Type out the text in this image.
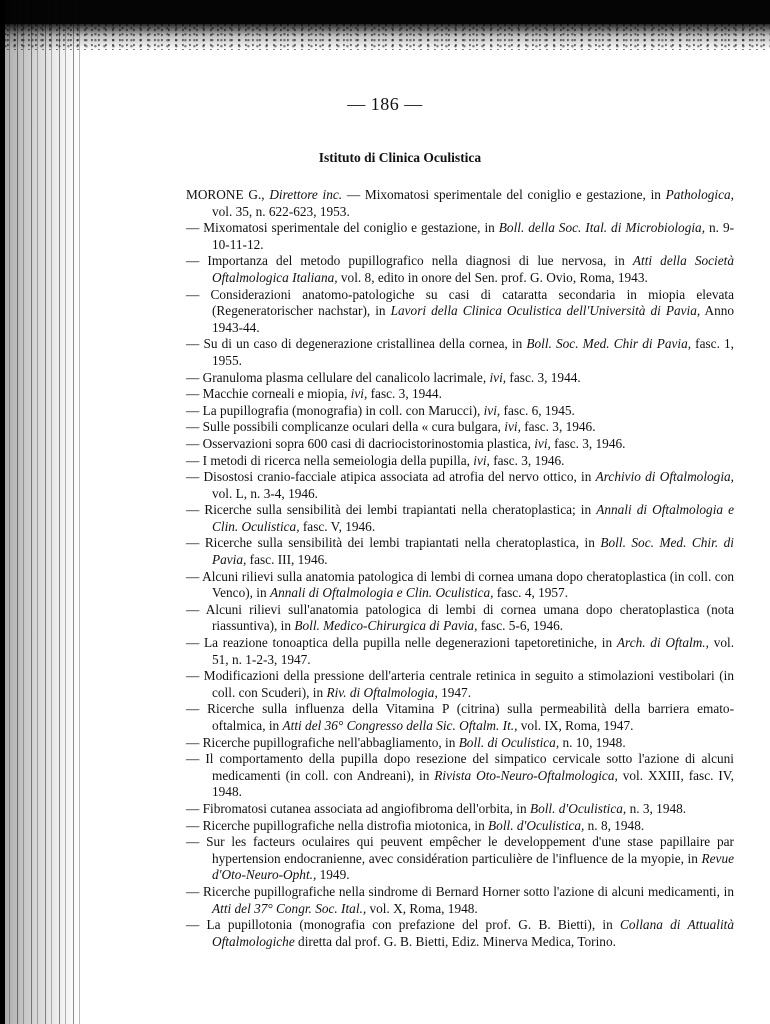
— 186 —
Istituto di Clinica Oculistica
MORONE G., Direttore inc. — Mixomatosi sperimentale del coniglio e gestazione, in Pathologica, vol. 35, n. 622-623, 1953.
— Mixomatosi sperimentale del coniglio e gestazione, in Boll. della Soc. Ital. di Microbiologia, n. 9-10-11-12.
— Importanza del metodo pupillografico nella diagnosi di lue nervosa, in Atti della Società Oftalmologica Italiana, vol. 8, edito in onore del Sen. prof. G. Ovio, Roma, 1943.
— Considerazioni anatomo-patologiche su casi di cataratta secondaria in miopia elevata (Regeneratorischer nachstar), in Lavori della Clinica Oculistica dell'Università di Pavia, Anno 1943-44.
— Su di un caso di degenerazione cristallinea della cornea, in Boll. Soc. Med. Chir di Pavia, fasc. 1, 1955.
— Granuloma plasma cellulare del canalicolo lacrimale, ivi, fasc. 3, 1944.
— Macchie corneali e miopia, ivi, fasc. 3, 1944.
— La pupillografia (monografia) in coll. con Marucci), ivi, fasc. 6, 1945.
— Sulle possibili complicanze oculari della « cura bulgara, ivi, fasc. 3, 1946.
— Osservazioni sopra 600 casi di dacriocistorinostomia plastica, ivi, fasc. 3, 1946.
— I metodi di ricerca nella semeiologia della pupilla, ivi, fasc. 3, 1946.
— Disostosi cranio-facciale atipica associata ad atrofia del nervo ottico, in Archivio di Oftalmologia, vol. L, n. 3-4, 1946.
— Ricerche sulla sensibilità dei lembi trapiantati nella cheratoplastica; in Annali di Oftalmologia e Clin. Oculistica, fasc. V, 1946.
— Ricerche sulla sensibilità dei lembi trapiantati nella cheratoplastica, in Boll. Soc. Med. Chir. di Pavia, fasc. III, 1946.
— Alcuni rilievi sulla anatomia patologica di lembi di cornea umana dopo cheratoplastica (in coll. con Venco), in Annali di Oftalmologia e Clin. Oculistica, fasc. 4, 1957.
— Alcuni rilievi sull'anatomia patologica di lembi di cornea umana dopo cheratoplastica (nota riassuntiva), in Boll. Medico-Chirurgica di Pavia, fasc. 5-6, 1946.
— La reazione tonoaptica della pupilla nelle degenerazioni tapetoretiniche, in Arch. di Oftalm., vol. 51, n. 1-2-3, 1947.
— Modificazioni della pressione dell'arteria centrale retinica in seguito a stimolazioni vestibolari (in coll. con Scuderi), in Riv. di Oftalmologia, 1947.
— Ricerche sulla influenza della Vitamina P (citrina) sulla permeabilità della barriera emato-oftalmica, in Atti del 36° Congresso della Sic. Oftalm. It., vol. IX, Roma, 1947.
— Ricerche pupillografiche nell'abbagliamento, in Boll. di Oculistica, n. 10, 1948.
— Il comportamento della pupilla dopo resezione del simpatico cervicale sotto l'azione di alcuni medicamenti (in coll. con Andreani), in Rivista Oto-Neuro-Oftalmologica, vol. XXIII, fasc. IV, 1948.
— Fibromatosi cutanea associata ad angiofibroma dell'orbita, in Boll. d'Oculistica, n. 3, 1948.
— Ricerche pupillografiche nella distrofia miotonica, in Boll. d'Oculistica, n. 8, 1948.
— Sur les facteurs oculaires qui peuvent empêcher le developpement d'une stase papillaire par hypertension endocranienne, avec considération particulière de l'influence de la myopie, in Revue d'Oto-Neuro-Opht., 1949.
— Ricerche pupillografiche nella sindrome di Bernard Horner sotto l'azione di alcuni medicamenti, in Atti del 37° Congr. Soc. Ital., vol. X, Roma, 1948.
— La pupillotonia (monografia con prefazione del prof. G. B. Bietti), in Collana di Attualità Oftalmologiche diretta dal prof. G. B. Bietti, Ediz. Minerva Medica, Torino.
